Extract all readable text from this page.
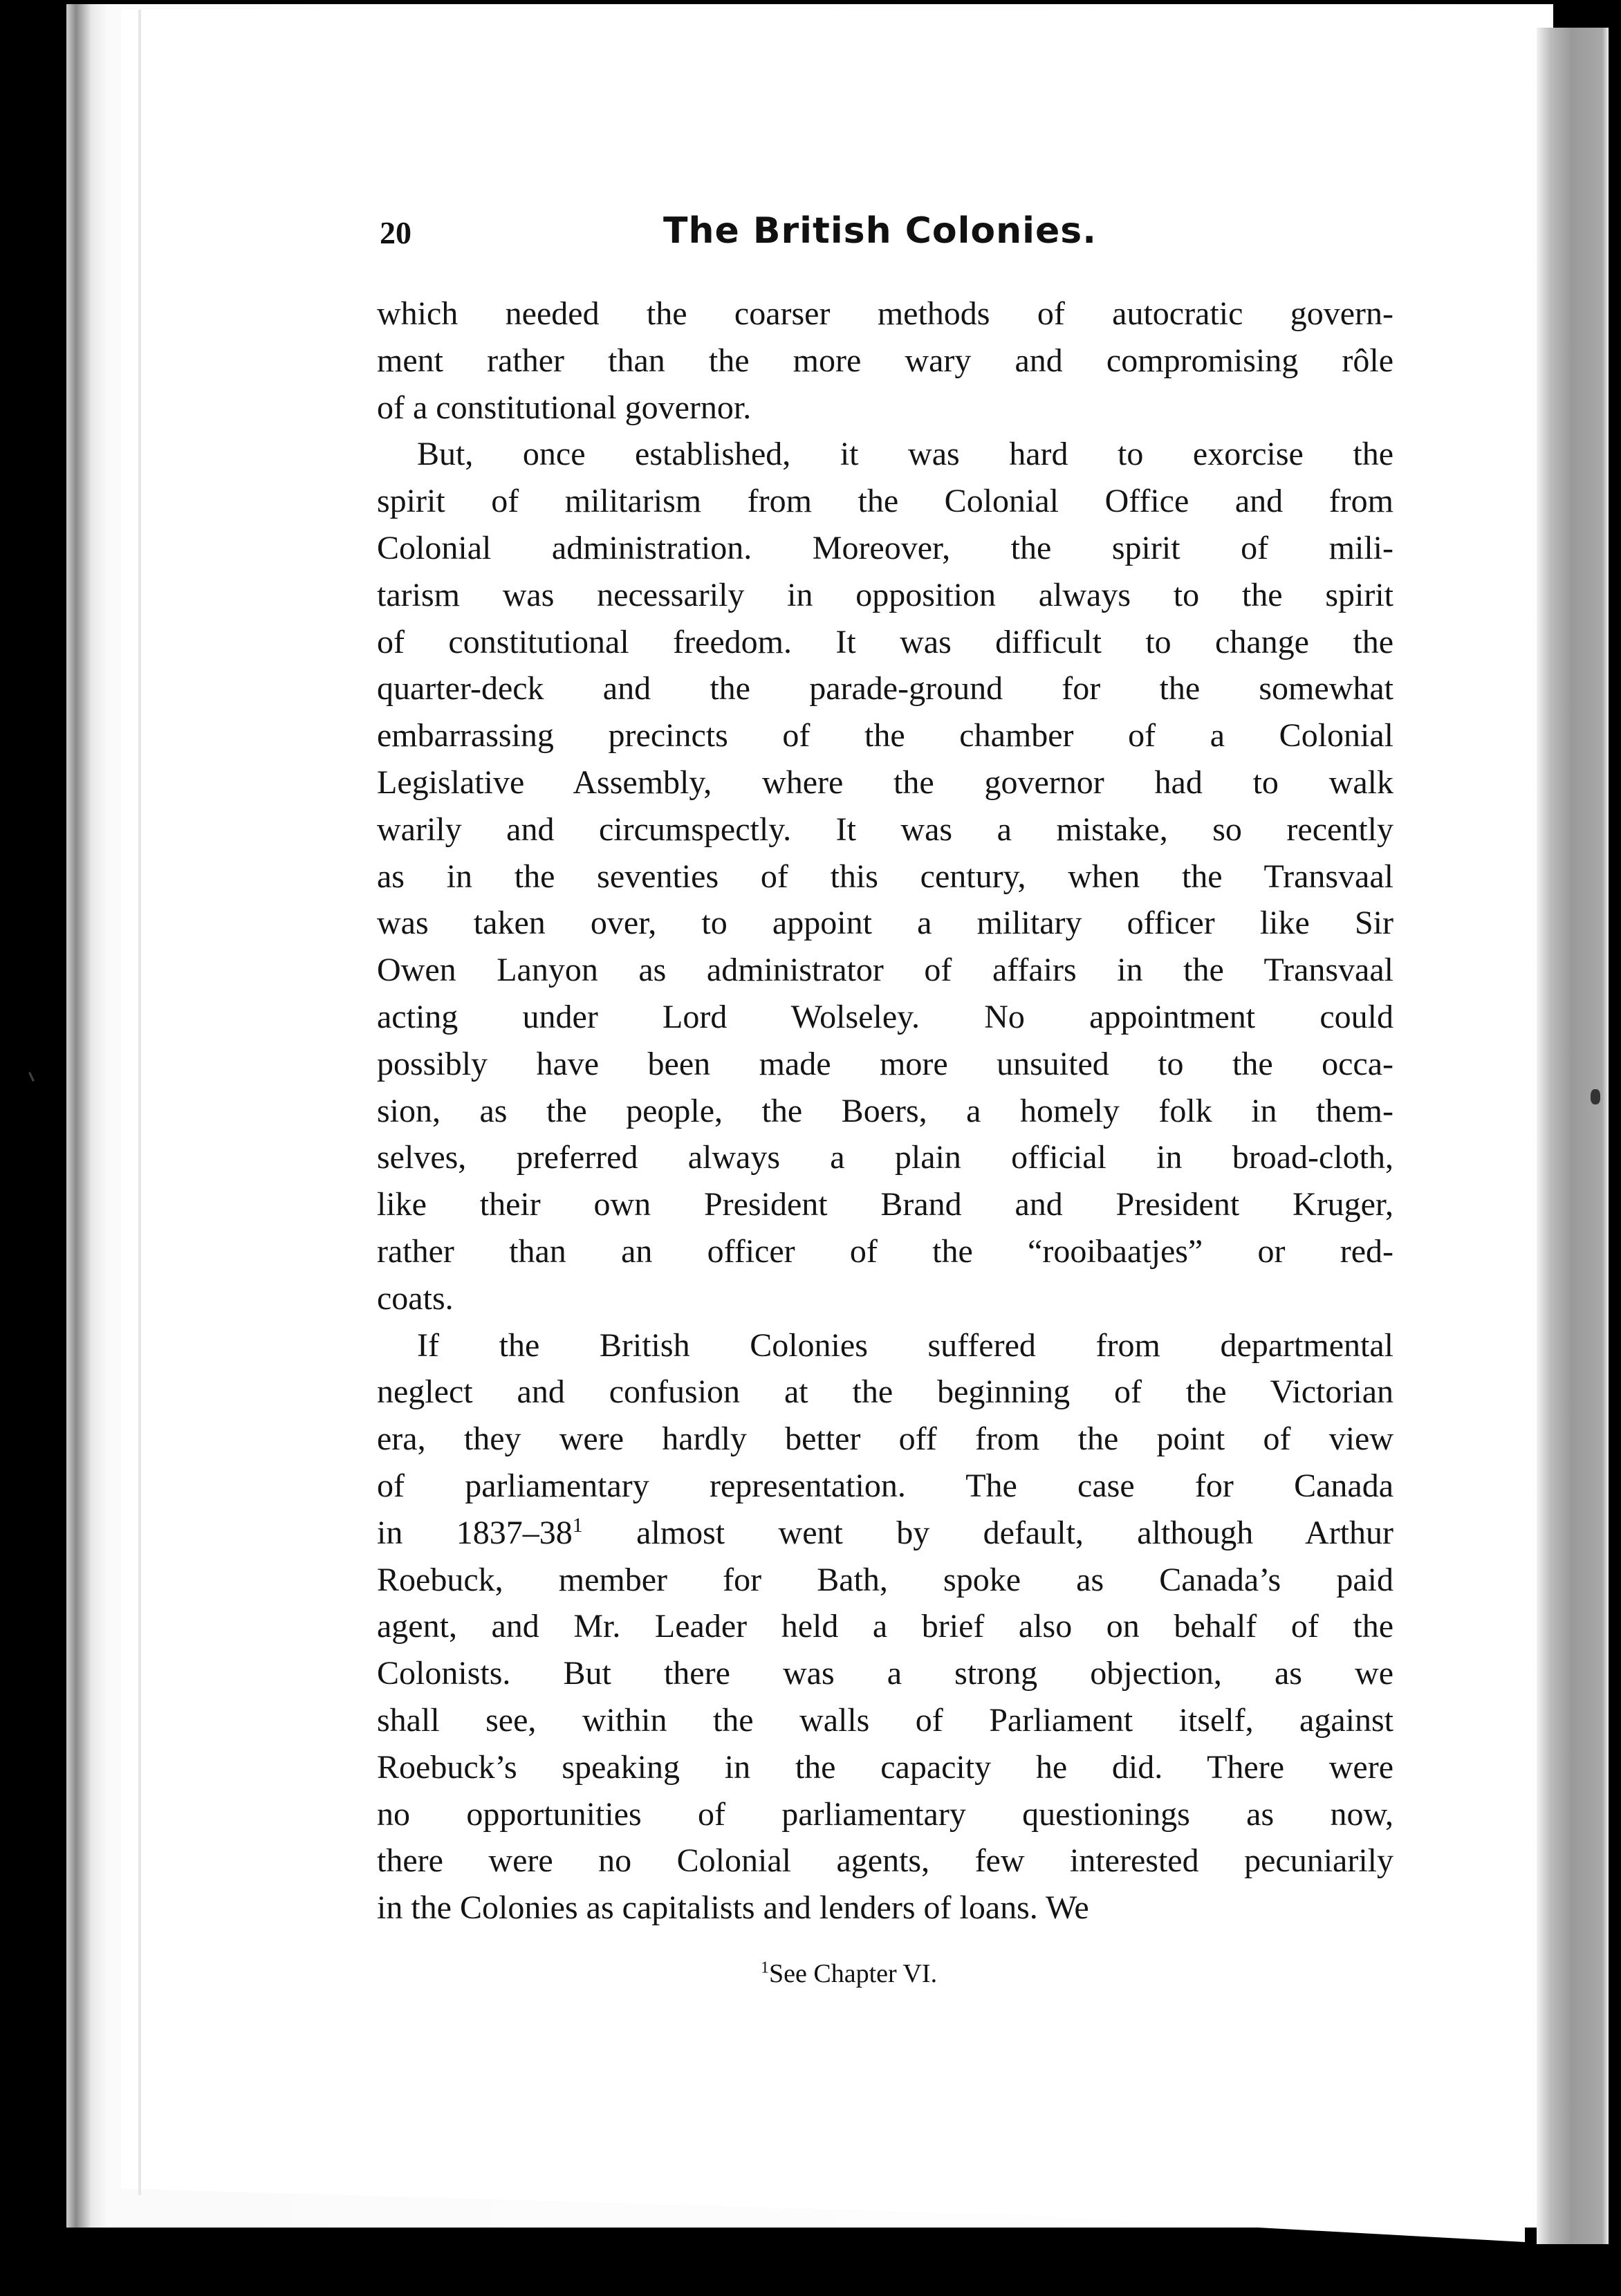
20	The British Colonies.

which needed the coarser methods of autocratic govern-
ment rather than the more wary and compromising rôle
of a constitutional governor.

But, once established, it was hard to exorcise the
spirit of militarism from the Colonial Office and from
Colonial administration. Moreover, the spirit of mili-
tarism was necessarily in opposition always to the spirit
of constitutional freedom. It was difficult to change the
quarter-deck and the parade-ground for the somewhat
embarrassing precincts of the chamber of a Colonial
Legislative Assembly, where the governor had to walk
warily and circumspectly. It was a mistake, so recently
as in the seventies of this century, when the Transvaal
was taken over, to appoint a military officer like Sir
Owen Lanyon as administrator of affairs in the Transvaal
acting under Lord Wolseley. No appointment could
possibly have been made more unsuited to the occa-
sion, as the people, the Boers, a homely folk in them-
selves, preferred always a plain official in broad-cloth,
like their own President Brand and President Kruger,
rather than an officer of the “rooibaatjes” or red-
coats.

If the British Colonies suffered from departmental
neglect and confusion at the beginning of the Victorian
era, they were hardly better off from the point of view
of parliamentary representation. The case for Canada
in $1837-38^1$ almost went by default, although Arthur
Roebuck, member for Bath, spoke as Canada’s paid
agent, and Mr. Leader held a brief also on behalf of the
Colonists. But there was a strong objection, as we
shall see, within the walls of Parliament itself, against
Roebuck’s speaking in the capacity he did. There were
no opportunities of parliamentary questionings as now,
there were no Colonial agents, few interested pecuniarily
in the Colonies as capitalists and lenders of loans. We

$^1$See Chapter VI.
